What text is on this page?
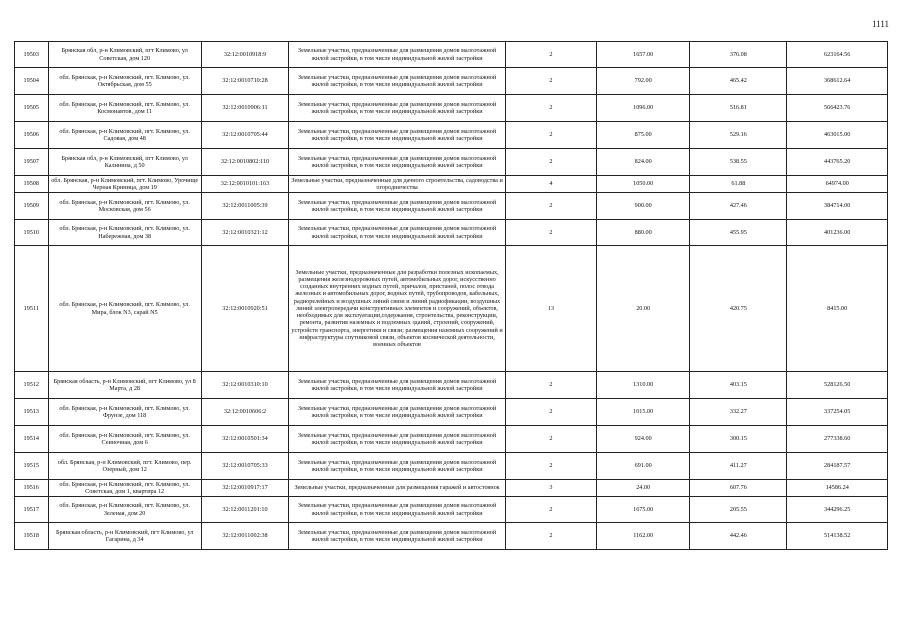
1111
19503	Брянская обл, р-н Климовский, пгт Климово, ул Советская, дом 120	32:12:0010918:9	Земельные участки, предназначенные для размещения домов малоэтажной жилой застройки, в том числе индивидуальной жилой застройки	2	1657.00	376.08	623164.56
19504	обл. Брянская, р-н Климовский, пгт. Климово, ул. Октябрьская, дом 55	32:12:0010710:28	Земельные участки, предназначенные для размещения домов малоэтажной жилой застройки, в том числе индивидуальной жилой застройки	2	792.00	465.42	368612.64
19505	обл. Брянская, р-н Климовский, пгт. Климово, ул. Космонавтов, дом 11	32:12:0010906:11	Земельные участки, предназначенные для размещения домов малоэтажной жилой застройки, в том числе индивидуальной жилой застройки	2	1096.00	516.81	566423.76
19506	обл. Брянская, р-н Климовский, пгт. Климово, ул. Садовая, дом 48	32:12:0010705:44	Земельные участки, предназначенные для размещения домов малоэтажной жилой застройки, в том числе индивидуальной жилой застройки	2	875.00	529.16	463015.00
19507	Брянская обл, р-н Климовский, пгт Климово, ул Калинина, д 50	32:12:0010802:110	Земельные участки, предназначенные для размещения домов малоэтажной жилой застройки, в том числе индивидуальной жилой застройки	2	824.00	538.55	443765.20
19508	обл. Брянская, р-н Климовский, пгт. Климово, Урочище Черная Криница, дом 19	32:12:0010101:163	Земельные участки, предназначенные для дачного строительства, садоводства и огородничества	4	1050.00	61.88	64974.00
19509	обл. Брянская, р-н Климовский, пгт. Климово, ул. Московская, дом 56	32:12:0011005:39	Земельные участки, предназначенные для размещения домов малоэтажной жилой застройки, в том числе индивидуальной жилой застройки	2	900.00	427.46	384714.00
19510	обл. Брянская, р-н Климовский, пгт. Климово, ул. Набережная, дом 38	32:12:0010321:12	Земельные участки, предназначенные для размещения домов малоэтажной жилой застройки, в том числе индивидуальной жилой застройки	2	880.00	455.95	401236.00
19511	обл. Брянская, р-н Климовский, пгт. Климово, ул. Мира, блок N3, сарай N5	32:12:0010920:51	Земельные участки, предназначенные для разработки полезных ископаемых, размещения железнодорожных путей, автомобильных дорог, искусственно созданных внутренних водных путей, причалов, пристаней, полос отвода железных и автомобильных дорог, водных путей, трубопроводов, кабельных, радиорелейных и воздушных линий связи и линий радиофикации, воздушных линий электропередачи конструктивных элементов и сооружений, объектов, необходимых для эксплуатации,содержания, строительства, реконструкции, ремонта, развития наземных и подземных зданий, строений, сооружений, устройств транспорта, энергетики и связи; размещения наземных сооружений и инфраструктуры спутниковой связи, объектов космической деятельности, военных объектов	13	20.00	420.75	8415.00
19512	Брянская область, р-н Климовский, пгт Климово, ул 8 Марта, д 28	32:12:0010310:10	Земельные участки, предназначенные для размещения домов малоэтажной жилой застройки, в том числе индивидуальной жилой застройки	2	1310.00	403.15	528126.50
19513	обл. Брянская, р-н Климовский, пгт. Климово, ул. Фрунзе, дом 118	32:12:0010606:2	Земельные участки, предназначенные для размещения домов малоэтажной жилой застройки, в том числе индивидуальной жилой застройки	2	1015.00	332.27	337254.05
19514	обл. Брянская, р-н Климовский, пгт. Климово, ул. Сеиночная, дом 6	32:12:0010501:34	Земельные участки, предназначенные для размещения домов малоэтажной жилой застройки, в том числе индивидуальной жилой застройки	2	924.00	300.15	277338.60
19515	обл. Брянская, р-н Климовский, пгт. Климово, пер. Озерный, дом 12	32:12:0010705:33	Земельные участки, предназначенные для размещения домов малоэтажной жилой застройки, в том числе индивидуальной жилой застройки	2	691.00	411.27	284187.57
19516	обл. Брянская, р-н Климовский, пгт. Климово, ул. Советская, дом 1, квартира 12	32:12:0010917:17	Земельные участки, предназначенные для размещения гаражей и автостоянок	3	24.00	607.76	14586.24
19517	обл. Брянская, р-н Климовский, пгт. Климово, ул. Зеленая, дом 20	32:12:0011201:10	Земельные участки, предназначенные для размещения домов малоэтажной жилой застройки, в том числе индивидуальной жилой застройки	2	1675.00	205.55	344296.25
19518	Брянская область, р-н Климовский, пгт Климово, ул Гагарина, д 34	32:12:0011002:38	Земельные участки, предназначенные для размещения домов малоэтажной жилой застройки, в том числе индивидуальной жилой застройки	2	1162.00	442.46	514138.52
